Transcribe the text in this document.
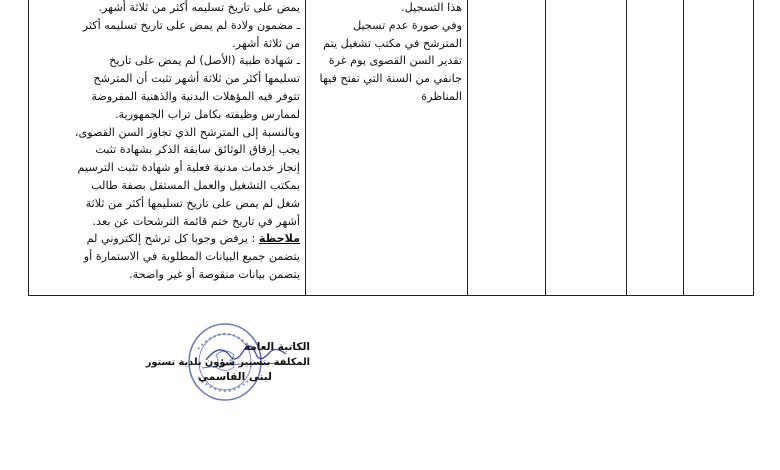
هذا التسجيل.

وفي صورة عدم تسجيل

المترشح في مكتب تشغيل يتم

تقدير السن القصوى يوم غرة

جانفي من السنة التي تفتح فيها

المناظرة

يمض على تاريخ تسليمه أكثر من ثلاثة أشهر.

ـ مضمون ولادة لم يمض على تاريخ تسليمه أكثر

من ثلاثة أشهر.

ـ شهادة طبية (الأصل) لم يمض على تاريخ

تسليمها أكثر من ثلاثة أشهر تثبت أن المترشح

تتوفر فيه المؤهلات البدنية والذهنية المفروضة

لممارس وظيفته بكامل تراب الجمهورية.

وبالنسبة إلى المترشح الذي تجاوز السن القصوى،

يجب إرفاق الوثائق سابقة الذكر بشهادة تثبت

إنجاز خدمات مدنية فعلية أو شهادة تثبت الترسيم

بمكتب التشغيل والعمل المستقل بصفة طالب

شغل لم يمض على تاريخ تسليمها أكثر من ثلاثة

أشهر في تاريخ ختم قائمة الترشحات عن بعد.

ملاحظة : يرفض وجوبا كل ترشح إلكتروني لم

يتضمن جميع البيانات المطلوبة في الاستمارة أو

يتضمن بيانات منقوصة أو غير واضحة.

الكاتبة العامة

المكلفة بتسيير شؤون بلدية تستور

لبنى القاسمي
